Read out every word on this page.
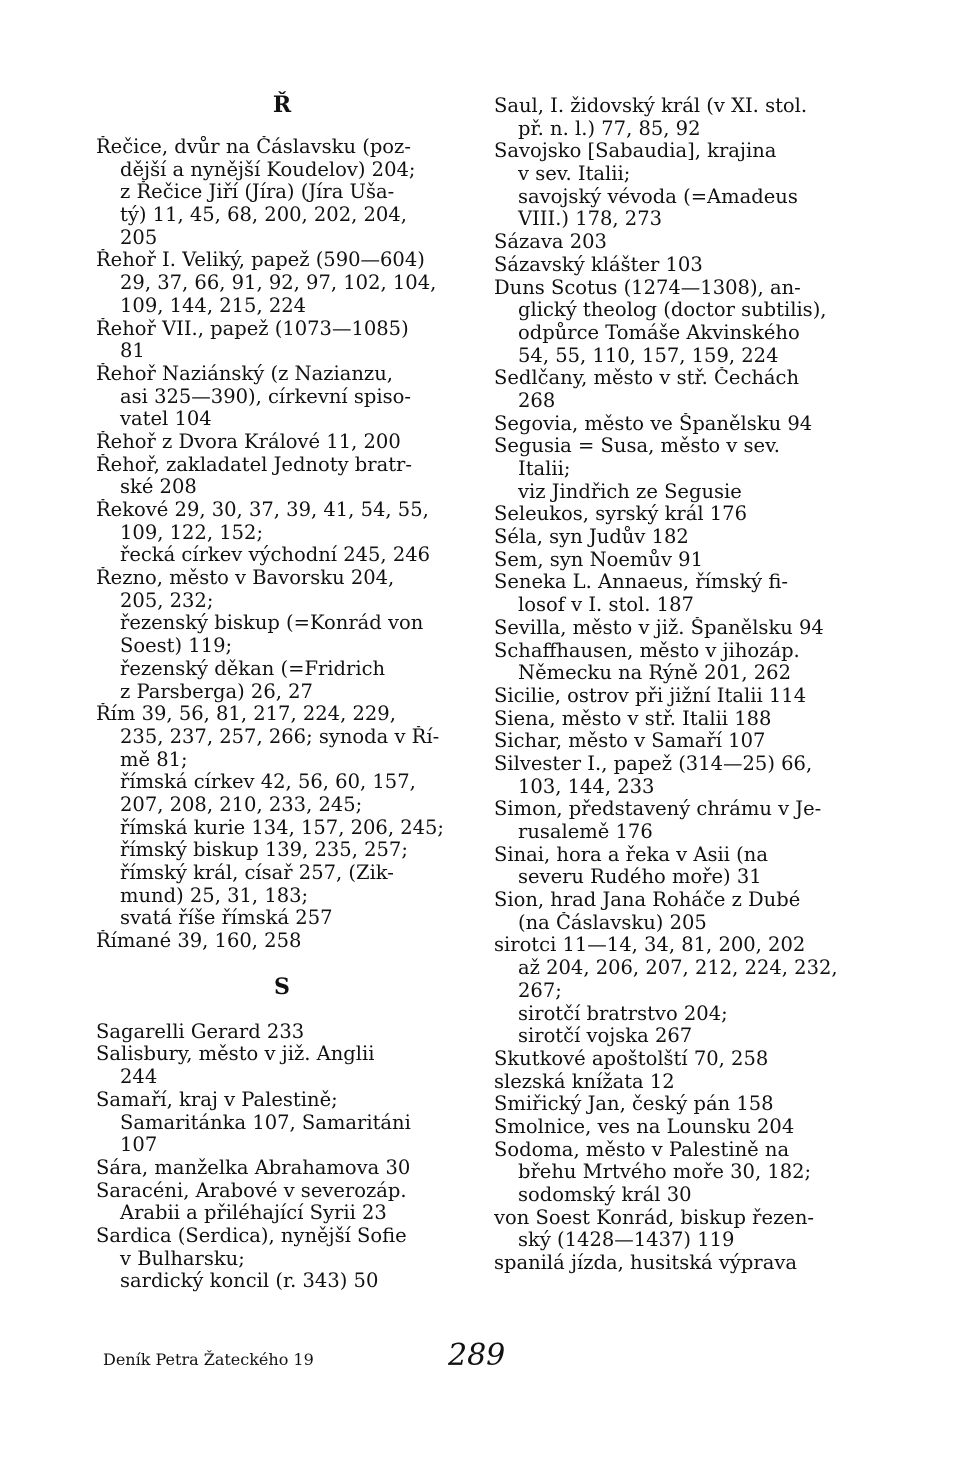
Ř
Řečice, dvůr na Čáslavsku (poz-
dější a nynější Koudelov) 204;
z Řečice Jiří (Jíra) (Jíra Uša-
tý) 11, 45, 68, 200, 202, 204,
205
Řehoř I. Veliký, papež (590—604)
29, 37, 66, 91, 92, 97, 102, 104,
109, 144, 215, 224
Řehoř VII., papež (1073—1085)
81
Řehoř Naziánský (z Nazianzu,
asi 325—390), církevní spiso-
vatel 104
Řehoř z Dvora Králové 11, 200
Řehoř, zakladatel Jednoty bratr-
ské 208
Řekové 29, 30, 37, 39, 41, 54, 55,
109, 122, 152;
řecká církev východní 245, 246
Řezno, město v Bavorsku 204,
205, 232;
řezenský biskup (=Konrád von
Soest) 119;
řezenský děkan (=Fridrich
z Parsberga) 26, 27
Řím 39, 56, 81, 217, 224, 229,
235, 237, 257, 266; synoda v Ří-
mě 81;
římská církev 42, 56, 60, 157,
207, 208, 210, 233, 245;
římská kurie 134, 157, 206, 245;
římský biskup 139, 235, 257;
římský král, císař 257, (Zik-
mund) 25, 31, 183;
svatá říše římská 257
Římané 39, 160, 258
S
Sagarelli Gerard 233
Salisbury, město v již. Anglii
244
Samaří, kraj v Palestině;
Samaritánka 107, Samaritáni
107
Sára, manželka Abrahamova 30
Saracéni, Arabové v severozáp.
Arabii a přiléhající Syrii 23
Sardica (Serdica), nynější Sofie
v Bulharsku;
sardický koncil (r. 343) 50
Saul, I. židovský král (v XI. stol.
př. n. l.) 77, 85, 92
Savojsko [Sabaudia], krajina
v sev. Italii;
savojský vévoda (=Amadeus
VIII.) 178, 273
Sázava 203
Sázavský klášter 103
Duns Scotus (1274—1308), an-
glický theolog (doctor subtilis),
odpůrce Tomáše Akvinského
54, 55, 110, 157, 159, 224
Sedlčany, město v stř. Čechách
268
Segovia, město ve Španělsku 94
Segusia = Susa, město v sev.
Italii;
viz Jindřich ze Segusie
Seleukos, syrský král 176
Séla, syn Judův 182
Sem, syn Noemův 91
Seneka L. Annaeus, římský fi-
losof v I. stol. 187
Sevilla, město v již. Španělsku 94
Schaffhausen, město v jihozáp.
Německu na Rýně 201, 262
Sicilie, ostrov při jižní Italii 114
Siena, město v stř. Italii 188
Sichar, město v Samaří 107
Silvester I., papež (314—25) 66,
103, 144, 233
Simon, představený chrámu v Je-
rusalemě 176
Sinai, hora a řeka v Asii (na
severu Rudého moře) 31
Sion, hrad Jana Roháče z Dubé
(na Čáslavsku) 205
sirotci 11—14, 34, 81, 200, 202
až 204, 206, 207, 212, 224, 232,
267;
sirotčí bratrstvo 204;
sirotčí vojska 267
Skutkové apoštolští 70, 258
slezská knížata 12
Smiřický Jan, český pán 158
Smolnice, ves na Lounsku 204
Sodoma, město v Palestině na
břehu Mrtvého moře 30, 182;
sodomský král 30
von Soest Konrád, biskup řezen-
ský (1428—1437) 119
spanilá jízda, husitská výprava
Deník Petra Žateckého 19	289
